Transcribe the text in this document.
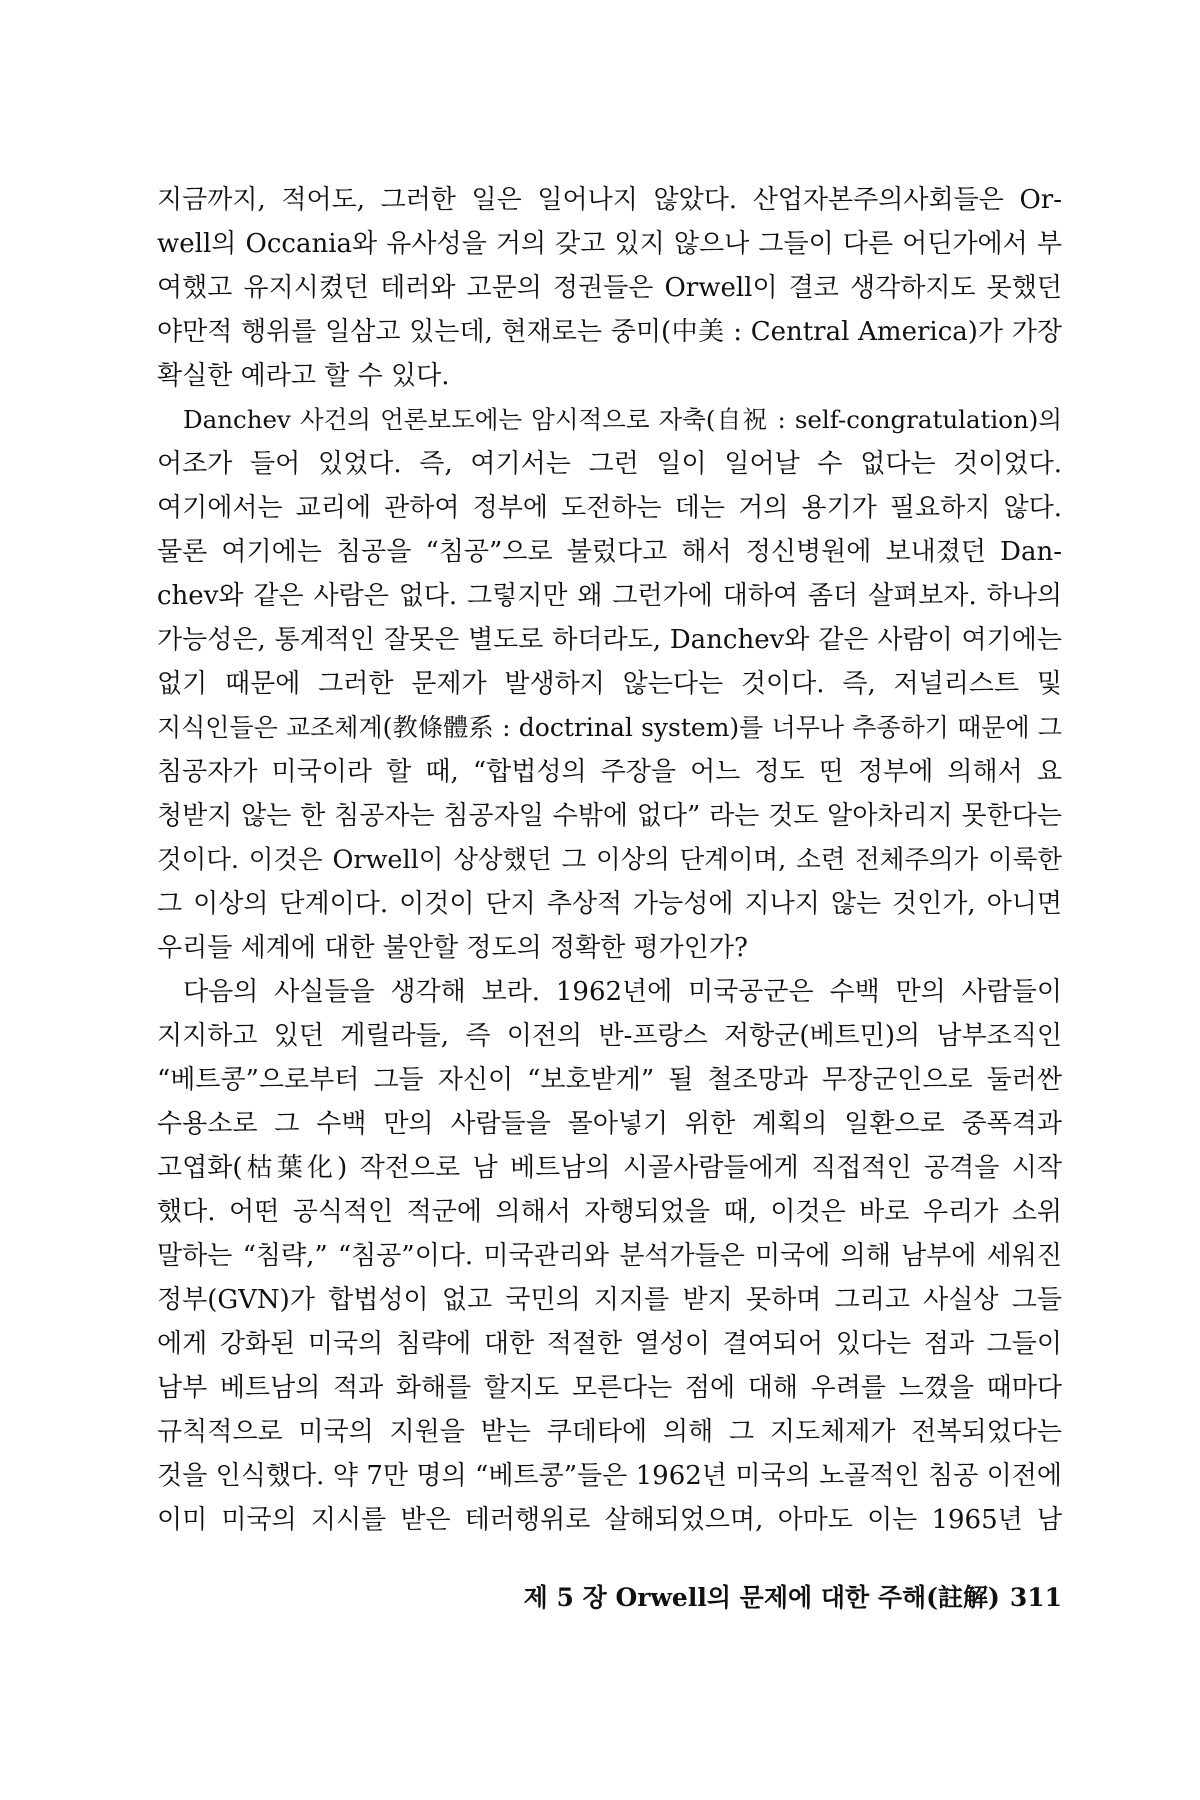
지금까지, 적어도, 그러한 일은 일어나지 않았다. 산업자본주의사회들은 Or-
well의 Occania와 유사성을 거의 갖고 있지 않으나 그들이 다른 어딘가에서 부
여했고 유지시켰던 테러와 고문의 정권들은 Orwell이 결코 생각하지도 못했던
야만적 행위를 일삼고 있는데, 현재로는 중미(中美 : Central America)가 가장
확실한 예라고 할 수 있다.
Danchev 사건의 언론보도에는 암시적으로 자축(自祝 : self-congratulation)의
어조가 들어 있었다. 즉, 여기서는 그런 일이 일어날 수 없다는 것이었다.
여기에서는 교리에 관하여 정부에 도전하는 데는 거의 용기가 필요하지 않다.
물론 여기에는 침공을 “침공”으로 불렀다고 해서 정신병원에 보내졌던 Dan-
chev와 같은 사람은 없다. 그렇지만 왜 그런가에 대하여 좀더 살펴보자. 하나의
가능성은, 통계적인 잘못은 별도로 하더라도, Danchev와 같은 사람이 여기에는
없기 때문에 그러한 문제가 발생하지 않는다는 것이다. 즉, 저널리스트 및
지식인들은 교조체계(教條體系 : doctrinal system)를 너무나 추종하기 때문에 그
침공자가 미국이라 할 때, “합법성의 주장을 어느 정도 띤 정부에 의해서 요
청받지 않는 한 침공자는 침공자일 수밖에 없다” 라는 것도 알아차리지 못한다는
것이다. 이것은 Orwell이 상상했던 그 이상의 단계이며, 소련 전체주의가 이룩한
그 이상의 단계이다. 이것이 단지 추상적 가능성에 지나지 않는 것인가, 아니면
우리들 세계에 대한 불안할 정도의 정확한 평가인가?
다음의 사실들을 생각해 보라. 1962년에 미국공군은 수백 만의 사람들이
지지하고 있던 게릴라들, 즉 이전의 반-프랑스 저항군(베트민)의 남부조직인
“베트콩”으로부터 그들 자신이 “보호받게” 될 철조망과 무장군인으로 둘러싼
수용소로 그 수백 만의 사람들을 몰아넣기 위한 계획의 일환으로 중폭격과
고엽화(枯葉化) 작전으로 남 베트남의 시골사람들에게 직접적인 공격을 시작
했다. 어떤 공식적인 적군에 의해서 자행되었을 때, 이것은 바로 우리가 소위
말하는 “침략,” “침공”이다. 미국관리와 분석가들은 미국에 의해 남부에 세워진
정부(GVN)가 합법성이 없고 국민의 지지를 받지 못하며 그리고 사실상 그들
에게 강화된 미국의 침략에 대한 적절한 열성이 결여되어 있다는 점과 그들이
남부 베트남의 적과 화해를 할지도 모른다는 점에 대해 우려를 느꼈을 때마다
규칙적으로 미국의 지원을 받는 쿠데타에 의해 그 지도체제가 전복되었다는
것을 인식했다. 약 7만 명의 “베트콩”들은 1962년 미국의 노골적인 침공 이전에
이미 미국의 지시를 받은 테러행위로 살해되었으며, 아마도 이는 1965년 남
제 5 장 Orwell의 문제에 대한 주해(註解) 311
